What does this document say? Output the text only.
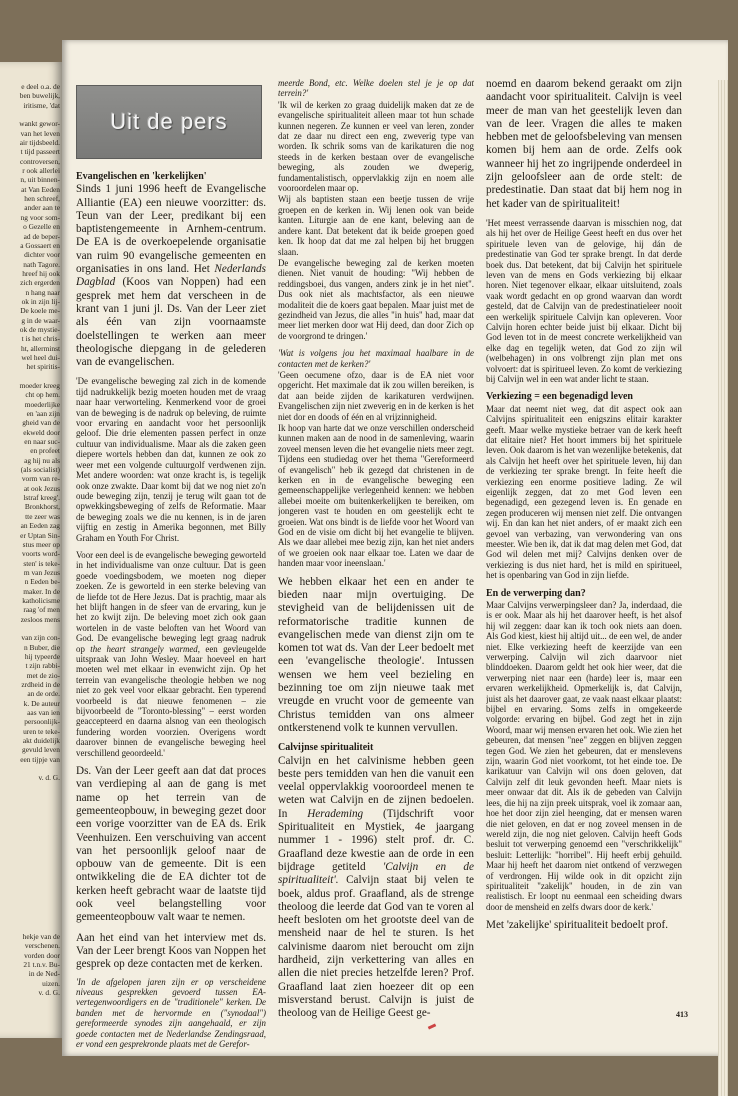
e deel o.a. de
ben buwelijk,
iritisme, 'dat

wankt gewor-
van het leven
air tijdsbeeld.
t tijd passeert
controversen,
r ook allerlei
n, uit binnen-
at Van Eeden
hen schreef,
ander aan te
ng voor som-
o Gezelle en
ad de beper-
a Gossaert en
dichter voor
nath Tagore.
hreef hij ook
zich ergerden
n hang naar
ok in zijn lij-
De koele me-
g in de waar-
ok de mystie-
t is het chris-
ht, allerminst
wel heel dui-
het spiritis-

moeder kreeg
cht op hem.
moederlijke
en 'aan zijn
gheid van de
ekweld door
en naar suc-
en profeet
ag hij nu als
(als socialist)
vorm van re-
at ook Jezus
lstraf kreeg'.
Bronkhorst,
tte zeer was
an Eeden zag
er Uptan Sin-
stus meer op
voorts word-
sten' is teke-
m van Jezus
n Eeden be-
maker. In de
katholicisme
raag 'of men
zesloos mens

van zijn con-
n Buber, die
hij typeerde
t zijn rabbi-
met de zio-
zrdheid in de
an de orde.
k. De auteur
aas van ien
persoonlijk-
uren te teke-
akt duidelijk
gevuld leven
een tijpje van

v. d. G.
hekje van de
verschenen.
vorden door
21 t.n.v. Bu-
in de Ned-
uizen.
v. d. G.
Uit de pers
Evangelischen en 'kerkelijken'

Sinds 1 juni 1996 heeft de Evangelische Alliantie (EA) een nieuwe voorzitter: ds. Teun van der Leer, predikant bij een baptistengemeente in Arnhem-centrum. De EA is de overkoepelende organisatie van ruim 90 evangelische gemeenten en organisaties in ons land. Het Nederlands Dagblad (Koos van Noppen) had een gesprek met hem dat verscheen in de krant van 1 juni jl. Ds. Van der Leer ziet als één van zijn voornaamste doelstellingen te werken aan meer theologische diepgang in de gelederen van de evangelischen.

'De evangelische beweging zal zich in de komende tijd nadrukkelijk bezig moeten houden met de vraag naar haar verworteling. Kenmerkend voor de groei van de beweging is de nadruk op beleving, de ruimte voor ervaring en aandacht voor het persoonlijk geloof. Die drie elementen passen perfect in onze cultuur van individualisme. Maar als die zaken geen diepere wortels hebben dan dat, kunnen ze ook zo weer met een volgende cultuurgolf verdwenen zijn. Met andere woorden: wat onze kracht is, is tegelijk ook onze zwakte. Daar komt bij dat we nog niet zo'n oude beweging zijn, tenzij je terug wilt gaan tot de opwekkingsbeweging of zelfs de Reformatie. Maar de beweging zoals we die nu kennen, is in de jaren vijftig en zestig in Amerika begonnen, met Billy Graham en Youth For Christ.

Voor een deel is de evangelische beweging geworteld in het individualisme van onze cultuur. Dat is geen goede voedingsbodem, we moeten nog dieper zoeken. Ze is geworteld in een sterke beleving van de liefde tot de Here Jezus. Dat is prachtig, maar als het blijft hangen in de sfeer van de ervaring, kun je het zo kwijt zijn. De beleving moet zich ook gaan wortelen in de vaste beloften van het Woord van God. De evangelische beweging legt graag nadruk op the heart strangely warmed, een gevleugelde uitspraak van John Wesley. Maar hoeveel en hart moeten wel met elkaar in evenwicht zijn. Op het terrein van evangelische theologie hebben we nog niet zo gek veel voor elkaar gebracht. Een typerend voorbeeld is dat nieuwe fenomenen – zie bijvoorbeeld de "Toronto-blessing" – eerst worden geaccepteerd en daarna alsnog van een theologisch fundering worden voorzien. Overigens wordt daarover binnen de evangelische beweging heel verschillend geoordeeld.'

Ds. Van der Leer geeft aan dat dat proces van verdieping al aan de gang is met name op het terrein van de gemeenteopbouw, in beweging gezet door een vorige voorzitter van de EA ds. Erik Veenhuizen. Een verschuiving van accent van het persoonlijk geloof naar de opbouw van de gemeente. Dit is een ontwikkeling die de EA dichter tot de kerken heeft gebracht waar de laatste tijd ook veel belangstelling voor gemeenteopbouw valt waar te nemen.

Aan het eind van het interview met ds. Van der Leer brengt Koos van Noppen het gesprek op deze contacten met de kerken.

'In de afgelopen jaren zijn er op verscheidene niveaus gesprekken gevoerd tussen EA-vertegenwoordigers en de "traditionele" kerken. De banden met de hervormde en ("synodaal") gereformeerde synodes zijn aangehaald, er zijn goede contacten met de Nederlandse Zendingsraad, er vond een gesprekronde plaats met de Gerefor-

meerde Bond, etc. Welke doelen stel je je op dat terrein?'

'Ik wil de kerken zo graag duidelijk maken dat ze de evangelische spiritualiteit alleen maar tot hun schade kunnen negeren. Ze kunnen er veel van leren, zonder dat ze daar nu direct een eng, zweverig type van worden. Ik schrik soms van de karikaturen die nog steeds in de kerken bestaan over de evangelische beweging, als zouden we dweperig, fundamentalistisch, oppervlakkig zijn en noem alle vooroordelen maar op.

Wij als baptisten staan een beetje tussen de vrije groepen en de kerken in. Wij lenen ook van beide kanten. Liturgie aan de ene kant, beleving aan de andere kant. Dat betekent dat ik beide groepen goed ken. Ik hoop dat dat me zal helpen bij het bruggen slaan.

De evangelische beweging zal de kerken moeten dienen. Niet vanuit de houding: "Wij hebben de reddingsboei, dus vangen, anders zink je in het niet". Dus ook niet als machtsfactor, als een nieuwe modaliteit die de koers gaat bepalen. Maar juist met de gezindheid van Jezus, die alles "in huis" had, maar dat meer liet merken door wat Hij deed, dan door Zich op de voorgrond te dringen.'

'Wat is volgens jou het maximaal haalbare in de contacten met de kerken?'

'Geen oecumene ofzo, daar is de EA niet voor opgericht. Het maximale dat ik zou willen bereiken, is dat aan beide zijden de karikaturen verdwijnen. Evangelischen zijn niet zweverig en in de kerken is het niet dor en doods of één en al vrijzinnigheid.

Ik hoop van harte dat we onze verschillen onderscheid kunnen maken aan de nood in de samenleving, waarin zoveel mensen leven die het evangelie niets meer zegt. Tijdens een studiedag over het thema "Gereformeerd of evangelisch" heb ik gezegd dat christenen in de kerken en in de evangelische beweging een gemeenschappelijke verlegenheid kennen: we hebben allebei moeite om buitenkerkelijken te bereiken, om jongeren vast te houden en om geestelijk echt te groeien. Wat ons bindt is de liefde voor het Woord van God en de visie om dicht bij het evangelie te blijven. Als we daar allebei mee bezig zijn, kan het niet anders of we groeien ook naar elkaar toe. Laten we daar de handen maar voor ineenslaan.'

We hebben elkaar het een en ander te bieden naar mijn overtuiging. De stevigheid van de belijdenissen uit de reformatorische traditie kunnen de evangelischen mede van dienst zijn om te komen tot wat ds. Van der Leer bedoelt met een 'evangelische theologie'. Intussen wensen we hem veel bezieling en bezinning toe om zijn nieuwe taak met vreugde en vrucht voor de gemeente van Christus temidden van ons almeer ontkerstenend volk te kunnen vervullen.

Calvijnse spiritualiteit

Calvijn en het calvinisme hebben geen beste pers temidden van hen die vanuit een veelal oppervlakkig vooroordeel menen te weten wat Calvijn en de zijnen bedoelen. In Herademing (Tijdschrift voor Spiritualiteit en Mystiek, 4e jaargang nummer 1 - 1996) stelt prof. dr. C. Graafland deze kwestie aan de orde in een bijdrage getiteld 'Calvijn en de spiritualiteit'. Calvijn staat bij velen te boek, aldus prof. Graafland, als de strenge theoloog die leerde dat God van te voren al heeft besloten om het grootste deel van de mensheid naar de hel te sturen. Is het calvinisme daarom niet beroucht om zijn hardheid, zijn verkettering van alles en allen die niet precies hetzelfde leren? Prof. Graafland laat zien hoezeer dit op een misverstand berust. Calvijn is juist de theoloog van de Heilige Geest ge-

noemd en daarom bekend geraakt om zijn aandacht voor spiritualiteit. Calvijn is veel meer de man van het geestelijk leven dan van de leer. Vragen die alles te maken hebben met de geloofsbeleving van mensen komen bij hem aan de orde. Zelfs ook wanneer hij het zo ingrijpende onderdeel in zijn geloofsleer aan de orde stelt: de predestinatie. Dan staat dat bij hem nog in het kader van de spiritualiteit!

'Het meest verrassende daarvan is misschien nog, dat als hij het over de Heilige Geest heeft en dus over het spirituele leven van de gelovige, hij dán de predestinatie van God ter sprake brengt. In dat derde boek dus. Dat betekent, dat bij Calvijn het spirituele leven van de mens en Gods verkiezing bij elkaar horen. Niet tegenover elkaar, elkaar uitsluitend, zoals vaak wordt gedacht en op grond waarvan dan wordt gesteld, dat de Calvijn van de predestinatieleer nooit een werkelijk spirituele Calvijn kan opleveren. Voor Calvijn horen echter beide juist bij elkaar. Dicht bij God leven tot in de meest concrete werkelijkheid van elke dag en tegelijk weten, dat God zo zijn wil (welbehagen) in ons volbrengt zijn plan met ons volvoert: dat is spiritueel leven. Zo komt de verkiezing bij Calvijn wel in een wat ander licht te staan.

Verkiezing = een begenadigd leven

Maar dat neemt niet weg, dat dit aspect ook aan Calvijns spiritualiteit een enigszins elitair karakter geeft. Maar welke mystieke betraer van de kerk heeft dat elitaire niet? Het hoort immers bij het spirituele leven. Ook daarom is het van wezenlijke betekenis, dat als Calvijn het heeft over het spirituele leven, hij dan de verkiezing ter sprake brengt. In feite heeft die verkiezing een enorme positieve lading. Ze wil eigenlijk zeggen, dat zo met God leven een begenadigd, een gezegend leven is. En genade en zegen produceren wij mensen niet zelf. Die ontvangen wij. En dan kan het niet anders, of er maakt zich een gevoel van verbazing, van verwondering van ons meester. Wie ben ik, dat ik dat mag delen met God, dat God wil delen met mij? Calvijns denken over de verkiezing is dus niet hard, het is mild en spiritueel, het is openbaring van God in zijn liefde.

En de verwerping dan?

Maar Calvijns verwerpingsleer dan? Ja, inderdaad, die is er ook. Maar als hij het daarover heeft, is het alsof hij wil zeggen: daar kan ik toch ook niets aan doen. Als God kiest, kiest hij altijd uit... de een wel, de ander niet. Elke verkiezing heeft de keerzijde van een verwerping. Calvijn wil zich daarvoor niet blinddoeken. Daarom geldt het ook hier weer, dat die verwerping niet naar een (harde) leer is, maar een ervaren werkelijkheid. Opmerkelijk is, dat Calvijn, juist als het daarover gaat, ze vaak naast elkaar plaatst: bijbel en ervaring. Soms zelfs in omgekeerde volgorde: ervaring en bijbel. God zegt het in zijn Woord, maar wij mensen ervaren het ook. Wie zien het gebeuren, dat mensen "nee" zeggen en blijven zeggen tegen God. We zien het gebeuren, dat er menslevens zijn, waarin God niet voorkomt, tot het einde toe. De karikatuur van Calvijn wil ons doen geloven, dat Calvijn zelf dit leuk gevonden heeft. Maar niets is meer onwaar dat dit. Als ik de gebeden van Calvijn lees, die hij na zijn preek uitsprak, voel ik zomaar aan, hoe het door zijn ziel heenging, dat er mensen waren die niet geloven, en dat er nog zoveel mensen in de wereld zijn, die nog niet geloven. Calvijn heeft Gods besluit tot verwerping genoemd een "verschrikkelijk" besluit: Letterlijk: "horribel". Hij heeft erbij gehuild. Maar hij heeft het daarom niet ontkend of verzwegen of verdrongen. Hij wilde ook in dit opzicht zijn spiritualiteit "zakelijk" houden, in de zin van realistisch. Er loopt nu eenmaal een scheiding dwars door de mensheid en zelfs dwars door de kerk.'

Met 'zakelijke' spiritualiteit bedoelt prof.

413
